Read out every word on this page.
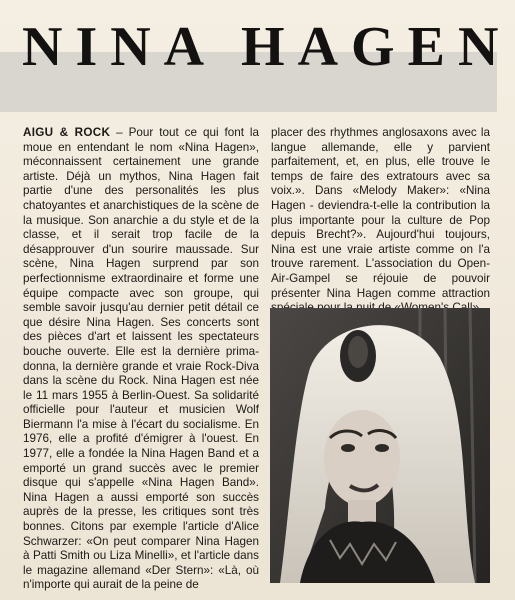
NINA HAGEN
AIGU & ROCK – Pour tout ce qui font la moue en entendant le nom «Nina Hagen», méconnaissent certainement une grande artiste. Déjà un mythos, Nina Hagen fait partie d'une des personalités les plus chatoyantes et anarchistiques de la scène de la musique. Son anarchie a du style et de la classe, et il serait trop facile de la désapprouver d'un sourire maussade. Sur scène, Nina Hagen surprend par son perfectionnisme extraordinaire et forme une équipe compacte avec son groupe, qui semble savoir jusqu'au dernier petit détail ce que désire Nina Hagen. Ses concerts sont des pièces d'art et laissent les spectateurs bouche ouverte. Elle est la dernière prima-donna, la dernière grande et vraie Rock-Diva dans la scène du Rock. Nina Hagen est née le 11 mars 1955 à Berlin-Ouest. Sa solidarité officielle pour l'auteur et musicien Wolf Biermann l'a mise à l'écart du socialisme. En 1976, elle a profité d'émigrer à l'ouest. En 1977, elle a fondée la Nina Hagen Band et a emporté un grand succès avec le premier disque qui s'appelle «Nina Hagen Band». Nina Hagen a aussi emporté son succès auprès de la presse, les critiques sont très bonnes. Citons par exemple l'article d'Alice Schwarzer: «On peut comparer Nina Hagen à Patti Smith ou Liza Minelli», et l'article dans le magazine allemand «Der Stern»: «Là, où n'importe qui aurait de la peine de
placer des rhythmes anglosaxons avec la langue allemande, elle y parvient parfaitement, et, en plus, elle trouve le temps de faire des extratours avec sa voix.». Dans «Melody Maker»: «Nina Hagen - deviendra-t-elle la contribution la plus importante pour la culture de Pop depuis Brecht?». Aujourd'hui toujours, Nina est une vraie artiste comme on l'a trouve rarement. L'association du Open-Air-Gampel se réjouie de pouvoir présenter Nina Hagen comme attraction
